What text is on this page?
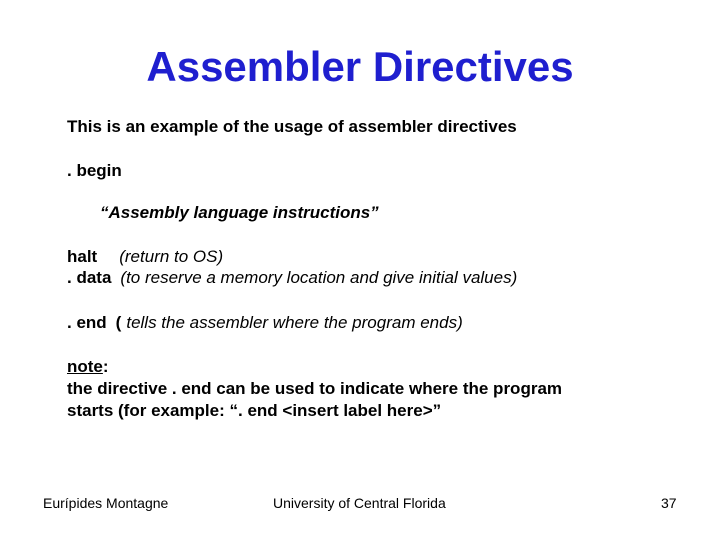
Assembler Directives
This is an example of the usage of assembler directives
. begin
“Assembly language instructions”
halt (return to OS)
. data (to reserve a memory location and give initial values)
. end ( tells the assembler where the program ends)
note:
the directive . end can be used to indicate where the program
starts (for example: “. end <insert label here>”
Eurípides Montagne	University of Central Florida	37
